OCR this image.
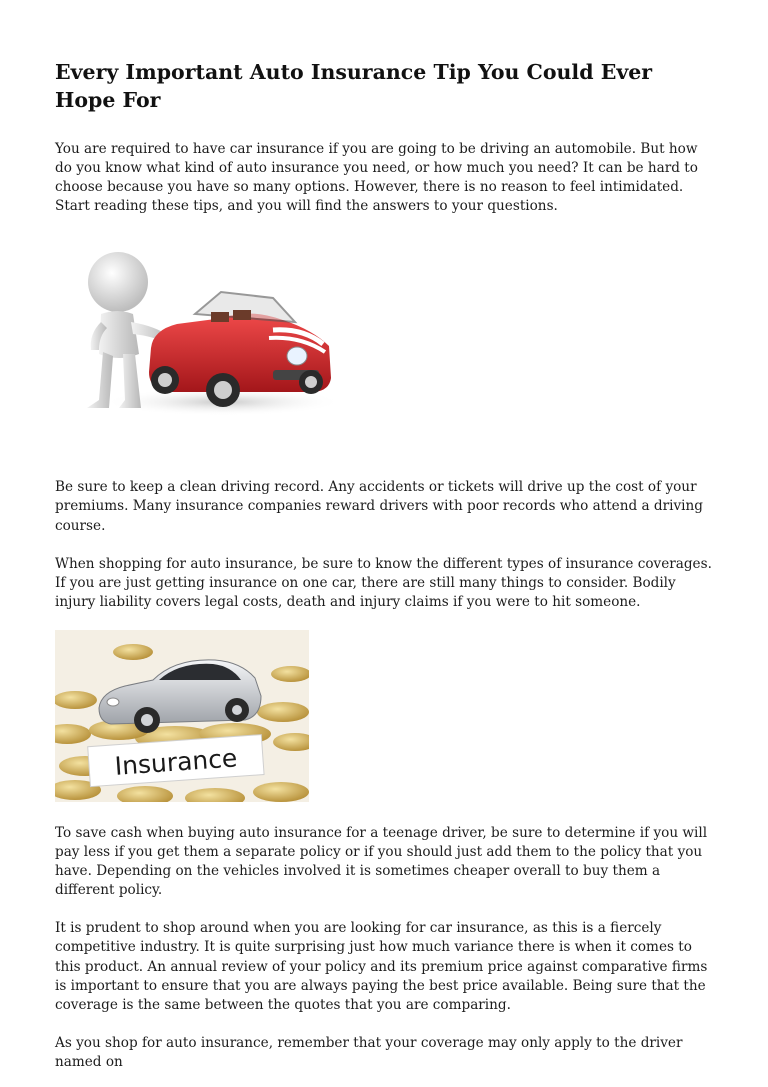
Every Important Auto Insurance Tip You Could Ever Hope For

You are required to have car insurance if you are going to be driving an automobile. But how do you know what kind of auto insurance you need, or how much you need? It can be hard to choose because you have so many options. However, there is no reason to feel intimidated. Start reading these tips, and you will find the answers to your questions.

Be sure to keep a clean driving record. Any accidents or tickets will drive up the cost of your premiums. Many insurance companies reward drivers with poor records who attend a driving course.

When shopping for auto insurance, be sure to know the different types of insurance coverages. If you are just getting insurance on one car, there are still many things to consider. Bodily injury liability covers legal costs, death and injury claims if you were to hit someone.

Insurance

To save cash when buying auto insurance for a teenage driver, be sure to determine if you will pay less if you get them a separate policy or if you should just add them to the policy that you have. Depending on the vehicles involved it is sometimes cheaper overall to buy them a different policy.

It is prudent to shop around when you are looking for car insurance, as this is a fiercely competitive industry. It is quite surprising just how much variance there is when it comes to this product. An annual review of your policy and its premium price against comparative firms is important to ensure that you are always paying the best price available. Being sure that the coverage is the same between the quotes that you are comparing.

As you shop for auto insurance, remember that your coverage may only apply to the driver named on
